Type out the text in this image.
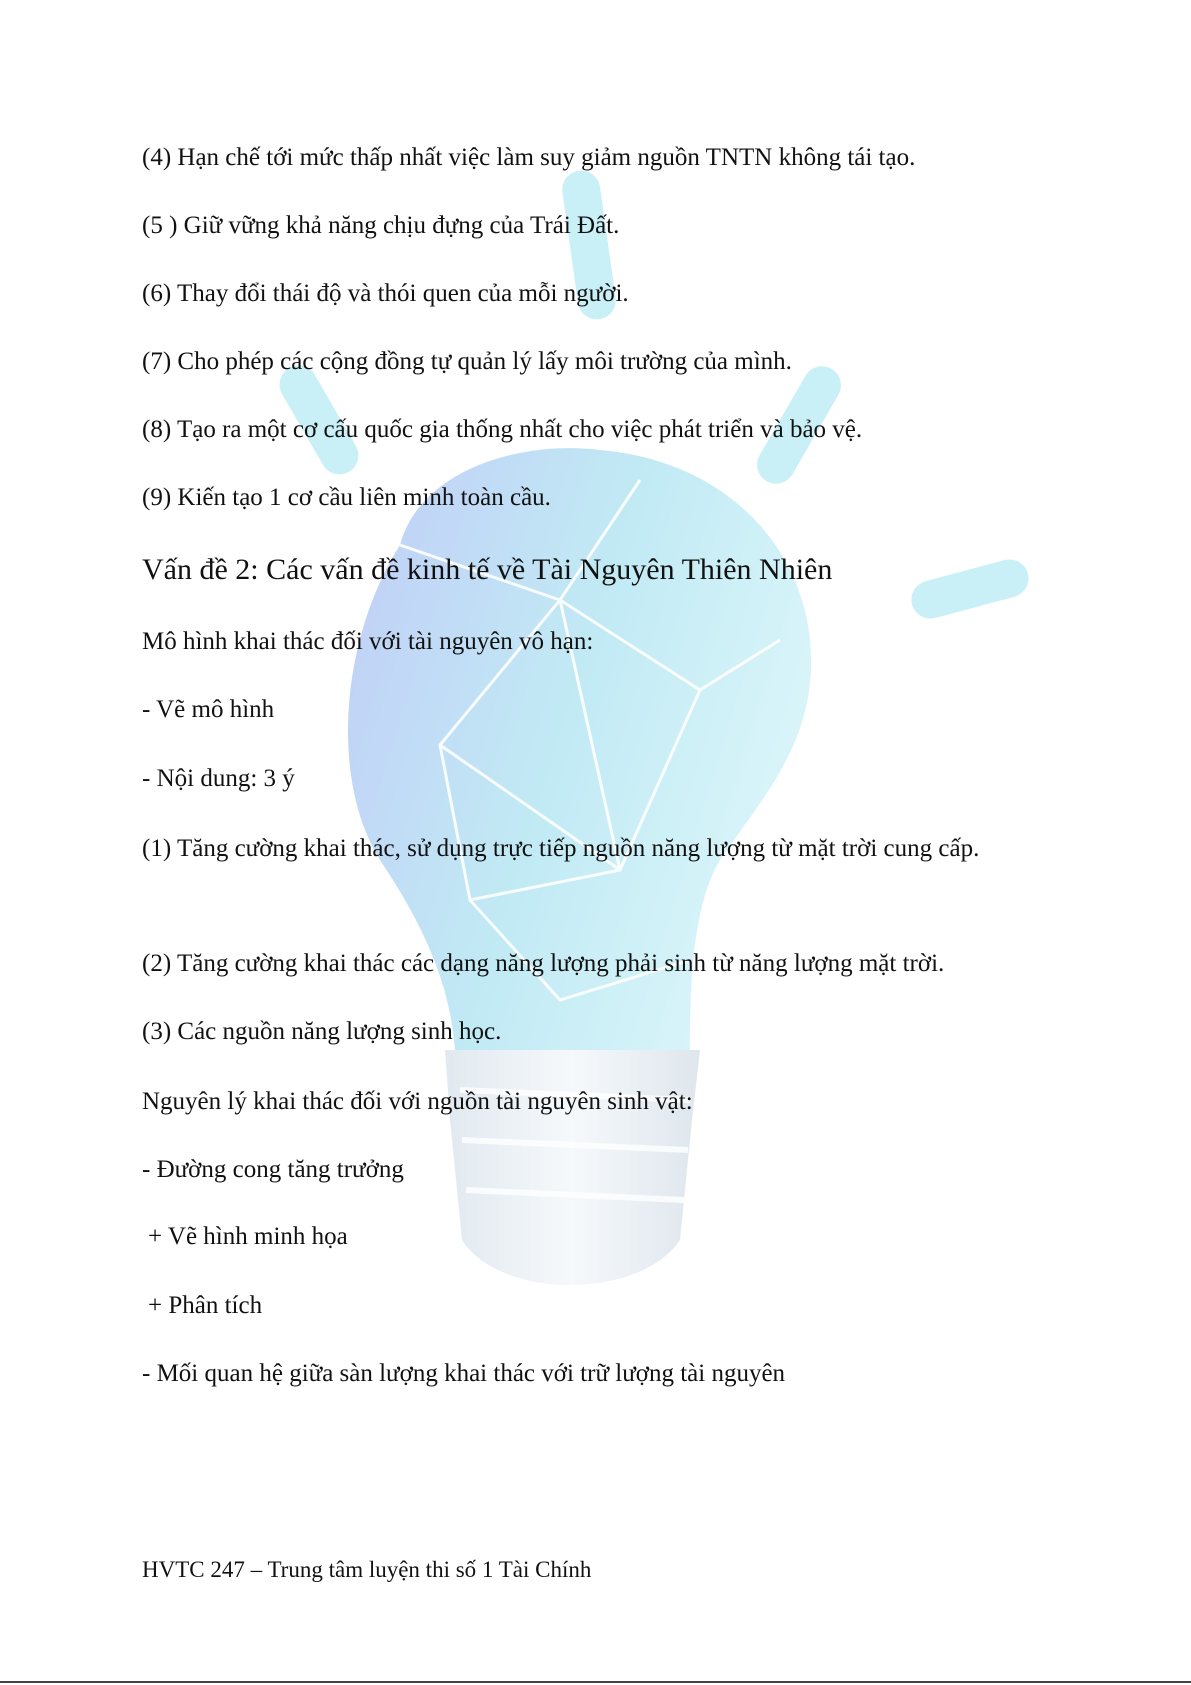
(4) Hạn chế tới mức thấp nhất việc làm suy giảm nguồn TNTN không tái tạo.
(5 ) Giữ vững khả năng chịu đựng của Trái Đất.
(6) Thay đổi thái độ và thói quen của mỗi người.
(7) Cho phép các cộng đồng tự quản lý lấy môi trường của mình.
(8) Tạo ra một cơ cấu quốc gia thống nhất cho việc phát triển và bảo vệ.
(9) Kiến tạo 1 cơ cầu liên minh toàn cầu.
Vấn đề 2: Các vấn đề kinh tế về Tài Nguyên Thiên Nhiên
Mô hình khai thác đối với tài nguyên vô hạn:
- Vẽ mô hình
- Nội dung: 3 ý
(1) Tăng cường khai thác, sử dụng trực tiếp nguồn năng lượng từ mặt trời cung cấp.
(2) Tăng cường khai thác các dạng năng lượng phải sinh từ năng lượng mặt trời.
(3) Các nguồn năng lượng sinh học.
Nguyên lý khai thác đối với nguồn tài nguyên sinh vật:
- Đường cong tăng trưởng
+ Vẽ hình minh họa
+ Phân tích
- Mối quan hệ giữa sàn lượng khai thác với trữ lượng tài nguyên
HVTC 247 – Trung tâm luyện thi số 1 Tài Chính
